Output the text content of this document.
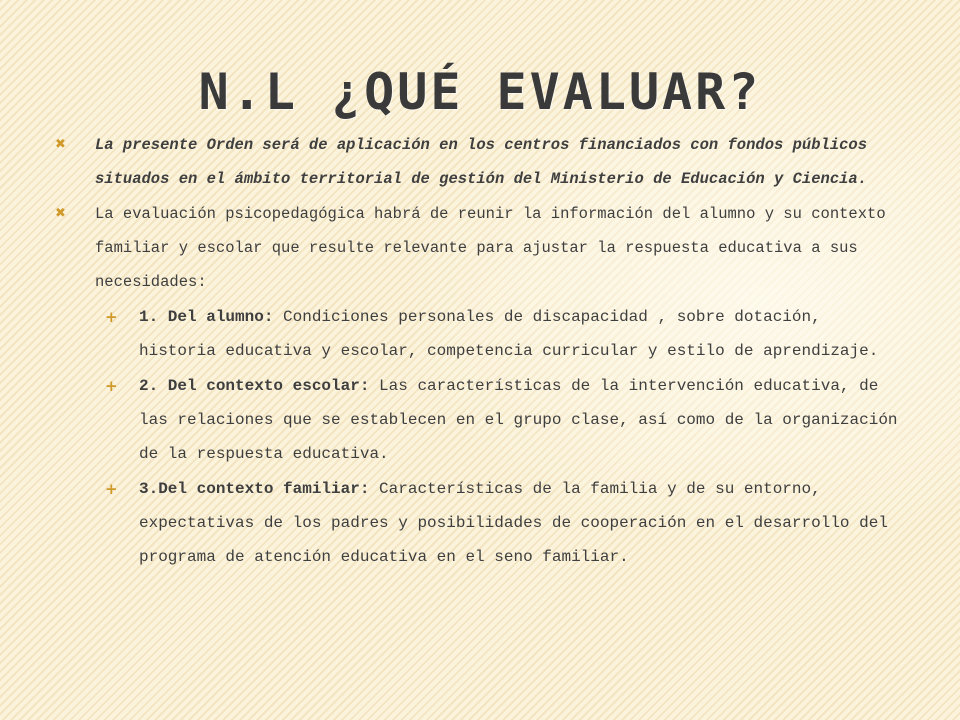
N.L ¿QUÉ EVALUAR?
✖ La presente Orden será de aplicación en los centros financiados con fondos públicos situados en el ámbito territorial de gestión del Ministerio de Educación y Ciencia.
✖ La evaluación psicopedagógica habrá de reunir la información del alumno y su contexto familiar y escolar que resulte relevante para ajustar la respuesta educativa a sus necesidades:
+ 1. Del alumno: Condiciones personales de discapacidad , sobre dotación, historia educativa y escolar, competencia curricular y estilo de aprendizaje.
+ 2. Del contexto escolar: Las características de la intervención educativa, de las relaciones que se establecen en el grupo clase, así como de la organización de la respuesta educativa.
+ 3.Del contexto familiar: Características de la familia y de su entorno, expectativas de los padres y posibilidades de cooperación en el desarrollo del programa de atención educativa en el seno familiar.
